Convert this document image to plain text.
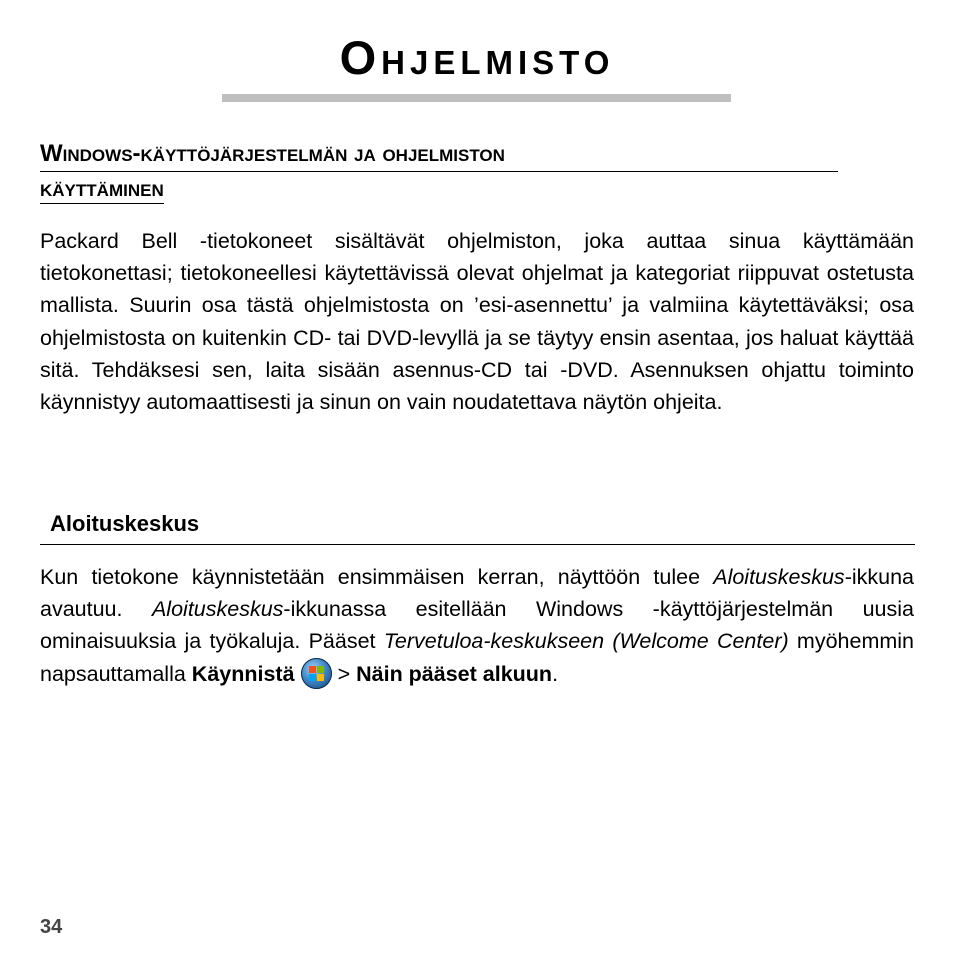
Ohjelmisto
Windows-käyttöjärjestelmän ja ohjelmiston
käyttäminen

Packard Bell -tietokoneet sisältävät ohjelmiston, joka auttaa sinua käyttämään tietokonettasi; tietokoneellesi käytettävissä olevat ohjelmat ja kategoriat riippuvat ostetusta mallista. Suurin osa tästä ohjelmistosta on ’esi-asennettu’ ja valmiina käytettäväksi; osa ohjelmistosta on kuitenkin CD- tai DVD-levyllä ja se täytyy ensin asentaa, jos haluat käyttää sitä. Tehdäksesi sen, laita sisään asennus-CD tai -DVD. Asennuksen ohjattu toiminto käynnistyy automaattisesti ja sinun on vain noudatettava näytön ohjeita.

Aloituskeskus

Kun tietokone käynnistetään ensimmäisen kerran, näyttöön tulee Aloituskeskus-ikkuna avautuu. Aloituskeskus-ikkunassa esitellään Windows -käyttöjärjestelmän uusia ominaisuuksia ja työkaluja. Pääset Tervetuloa-keskukseen (Welcome Center) myöhemmin napsauttamalla Käynnistä > Näin pääset alkuun.

34
